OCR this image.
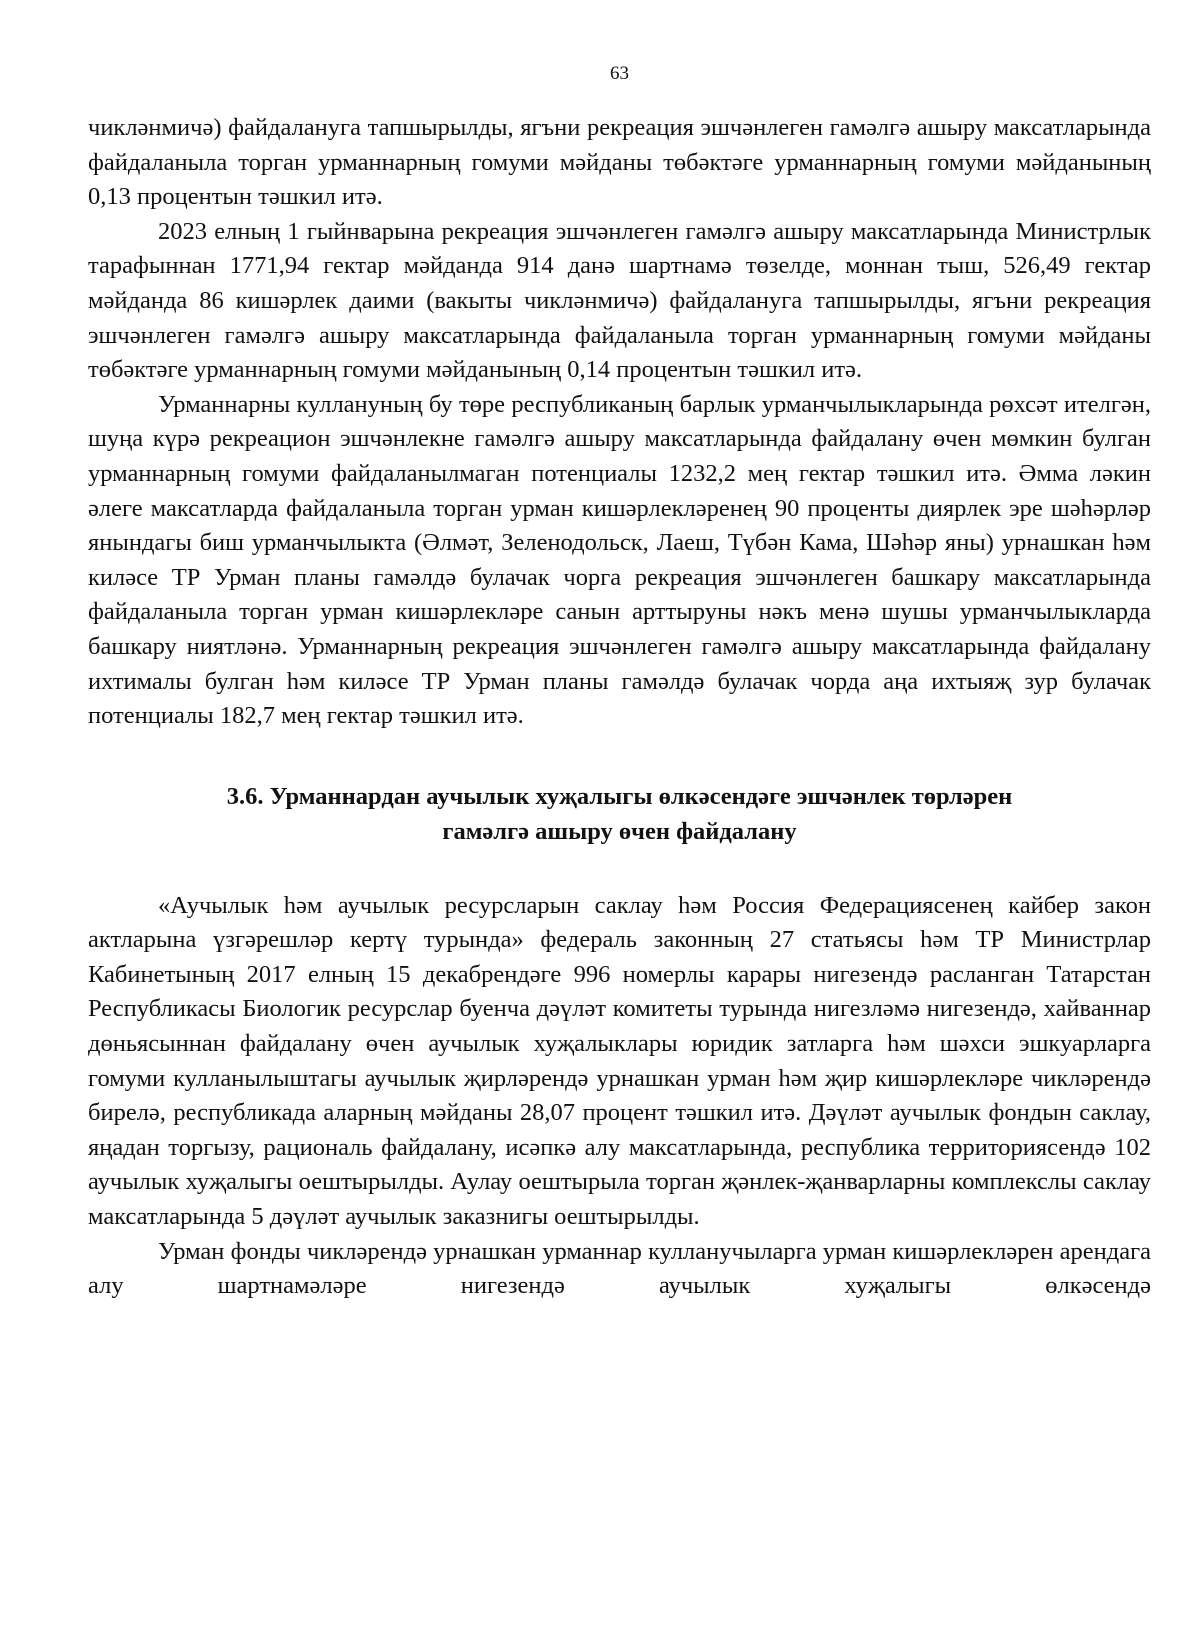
63

чикләнмичә) файдалануга тапшырылды, ягъни рекреация эшчәнлеген гамәлгә ашыру максатларында файдаланыла торган урманнарның гомуми мәйданы төбәктәге урманнарның гомуми мәйданының 0,13 процентын тәшкил итә.

2023 елның 1 гыйнварына рекреация эшчәнлеген гамәлгә ашыру максатларында Министрлык тарафыннан 1771,94 гектар мәйданда 914 данә шартнамә төзелде, моннан тыш, 526,49 гектар мәйданда 86 кишәрлек даими (вакыты чикләнмичә) файдалануга тапшырылды, ягъни рекреация эшчәнлеген гамәлгә ашыру максатларында файдаланыла торган урманнарның гомуми мәйданы төбәктәге урманнарның гомуми мәйданының 0,14 процентын тәшкил итә.

Урманнарны куллануның бу төре республиканың барлык урманчылыкларында рөхсәт ителгән, шуңа күрә рекреацион эшчәнлекне гамәлгә ашыру максатларында файдалану өчен мөмкин булган урманнарның гомуми файдаланылмаган потенциалы 1232,2 мең гектар тәшкил итә. Әмма ләкин әлеге максатларда файдаланыла торган урман кишәрлекләренең 90 проценты диярлек эре шәһәрләр янындагы биш урманчылыкта (Әлмәт, Зеленодольск, Лаеш, Түбән Кама, Шәһәр яны) урнашкан һәм киләсе ТР Урман планы гамәлдә булачак чорга рекреация эшчәнлеген башкару максатларында файдаланыла торган урман кишәрлекләре санын арттыруны нәкъ менә шушы урманчылыкларда башкару ниятләнә. Урманнарның рекреация эшчәнлеген гамәлгә ашыру максатларында файдалану ихтималы булган һәм киләсе ТР Урман планы гамәлдә булачак чорда аңа ихтыяҗ зур булачак потенциалы 182,7 мең гектар тәшкил итә.

3.6. Урманнардан аучылык хуҗалыгы өлкәсендәге эшчәнлек төрләрен
гамәлгә ашыру өчен файдалану

«Аучылык һәм аучылык ресурсларын саклау һәм Россия Федерациясенең кайбер закон актларына үзгәрешләр кертү турында» федераль законның 27 статьясы һәм ТР Министрлар Кабинетының 2017 елның 15 декабрендәге 996 номерлы карары нигезендә расланган Татарстан Республикасы Биологик ресурслар буенча дәүләт комитеты турында нигезләмә нигезендә, хайваннар дөньясыннан файдалану өчен аучылык хуҗалыклары юридик затларга һәм шәхси эшкуарларга гомуми кулланылыштагы аучылык җирләрендә урнашкан урман һәм җир кишәрлекләре чикләрендә бирелә, республикада аларның мәйданы 28,07 процент тәшкил итә. Дәүләт аучылык фондын саклау, яңадан торгызу, рациональ файдалану, исәпкә алу максатларында, республика территориясендә 102 аучылык хуҗалыгы оештырылды. Аулау оештырыла торган җәнлек-җанварларны комплекслы саклау максатларында 5 дәүләт аучылык заказнигы оештырылды.

Урман фонды чикләрендә урнашкан урманнар кулланучыларга урман кишәрлекләрен арендага алу шартнамәләре нигезендә аучылык хуҗалыгы өлкәсендә
